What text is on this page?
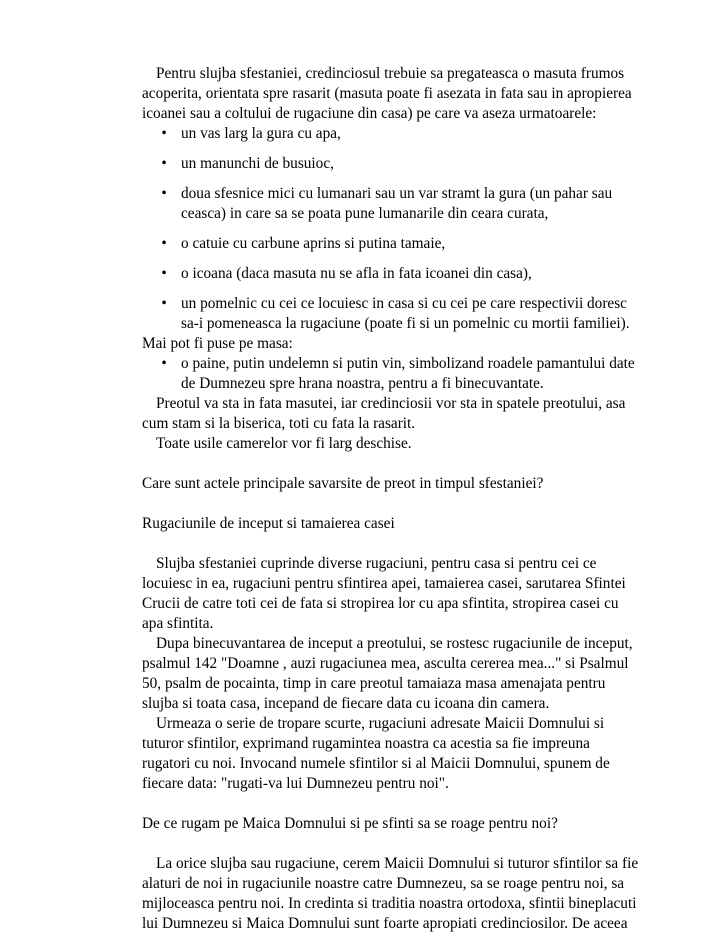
Pentru slujba sfestaniei, credinciosul trebuie sa pregateasca o masuta frumos acoperita, orientata spre rasarit (masuta poate fi asezata in fata sau in apropierea icoanei sau a coltului de rugaciune din casa) pe care va aseza urmatoarele:

• un vas larg la gura cu apa,
• un manunchi de busuioc,
• doua sfesnice mici cu lumanari sau un var stramt la gura (un pahar sau ceasca) in care sa se poata pune lumanarile din ceara curata,
• o catuie cu carbune aprins si putina tamaie,
• o icoana (daca masuta nu se afla in fata icoanei din casa),
• un pomelnic cu cei ce locuiesc in casa si cu cei pe care respectivii doresc sa-i pomeneasca la rugaciune (poate fi si un pomelnic cu mortii familiei).

Mai pot fi puse pe masa:

• o paine, putin undelemn si putin vin, simbolizand roadele pamantului date de Dumnezeu spre hrana noastra, pentru a fi binecuvantate.

Preotul va sta in fata masutei, iar credinciosii vor sta in spatele preotului, asa cum stam si la biserica, toti cu fata la rasarit.

Toate usile camerelor vor fi larg deschise.

Care sunt actele principale savarsite de preot in timpul sfestaniei?

Rugaciunile de inceput si tamaierea casei

Slujba sfestaniei cuprinde diverse rugaciuni, pentru casa si pentru cei ce locuiesc in ea, rugaciuni pentru sfintirea apei, tamaierea casei, sarutarea Sfintei Crucii de catre toti cei de fata si stropirea lor cu apa sfintita, stropirea casei cu apa sfintita.

Dupa binecuvantarea de inceput a preotului, se rostesc rugaciunile de inceput, psalmul 142 "Doamne , auzi rugaciunea mea, asculta cererea mea..." si Psalmul 50, psalm de pocainta, timp in care preotul tamaiaza masa amenajata pentru slujba si toata casa, incepand de fiecare data cu icoana din camera.

Urmeaza o serie de tropare scurte, rugaciuni adresate Maicii Domnului si tuturor sfintilor, exprimand rugamintea noastra ca acestia sa fie impreuna rugatori cu noi. Invocand numele sfintilor si al Maicii Domnului, spunem de fiecare data: "rugati-va lui Dumnezeu pentru noi".

De ce rugam pe Maica Domnului si pe sfinti sa se roage pentru noi?

La orice slujba sau rugaciune, cerem Maicii Domnului si tuturor sfintilor sa fie alaturi de noi in rugaciunile noastre catre Dumnezeu, sa se roage pentru noi, sa mijloceasca pentru noi. In credinta si traditia noastra ortodoxa, sfintii bineplacuti lui Dumnezeu si Maica Domnului sunt foarte apropiati credinciosilor. De aceea
